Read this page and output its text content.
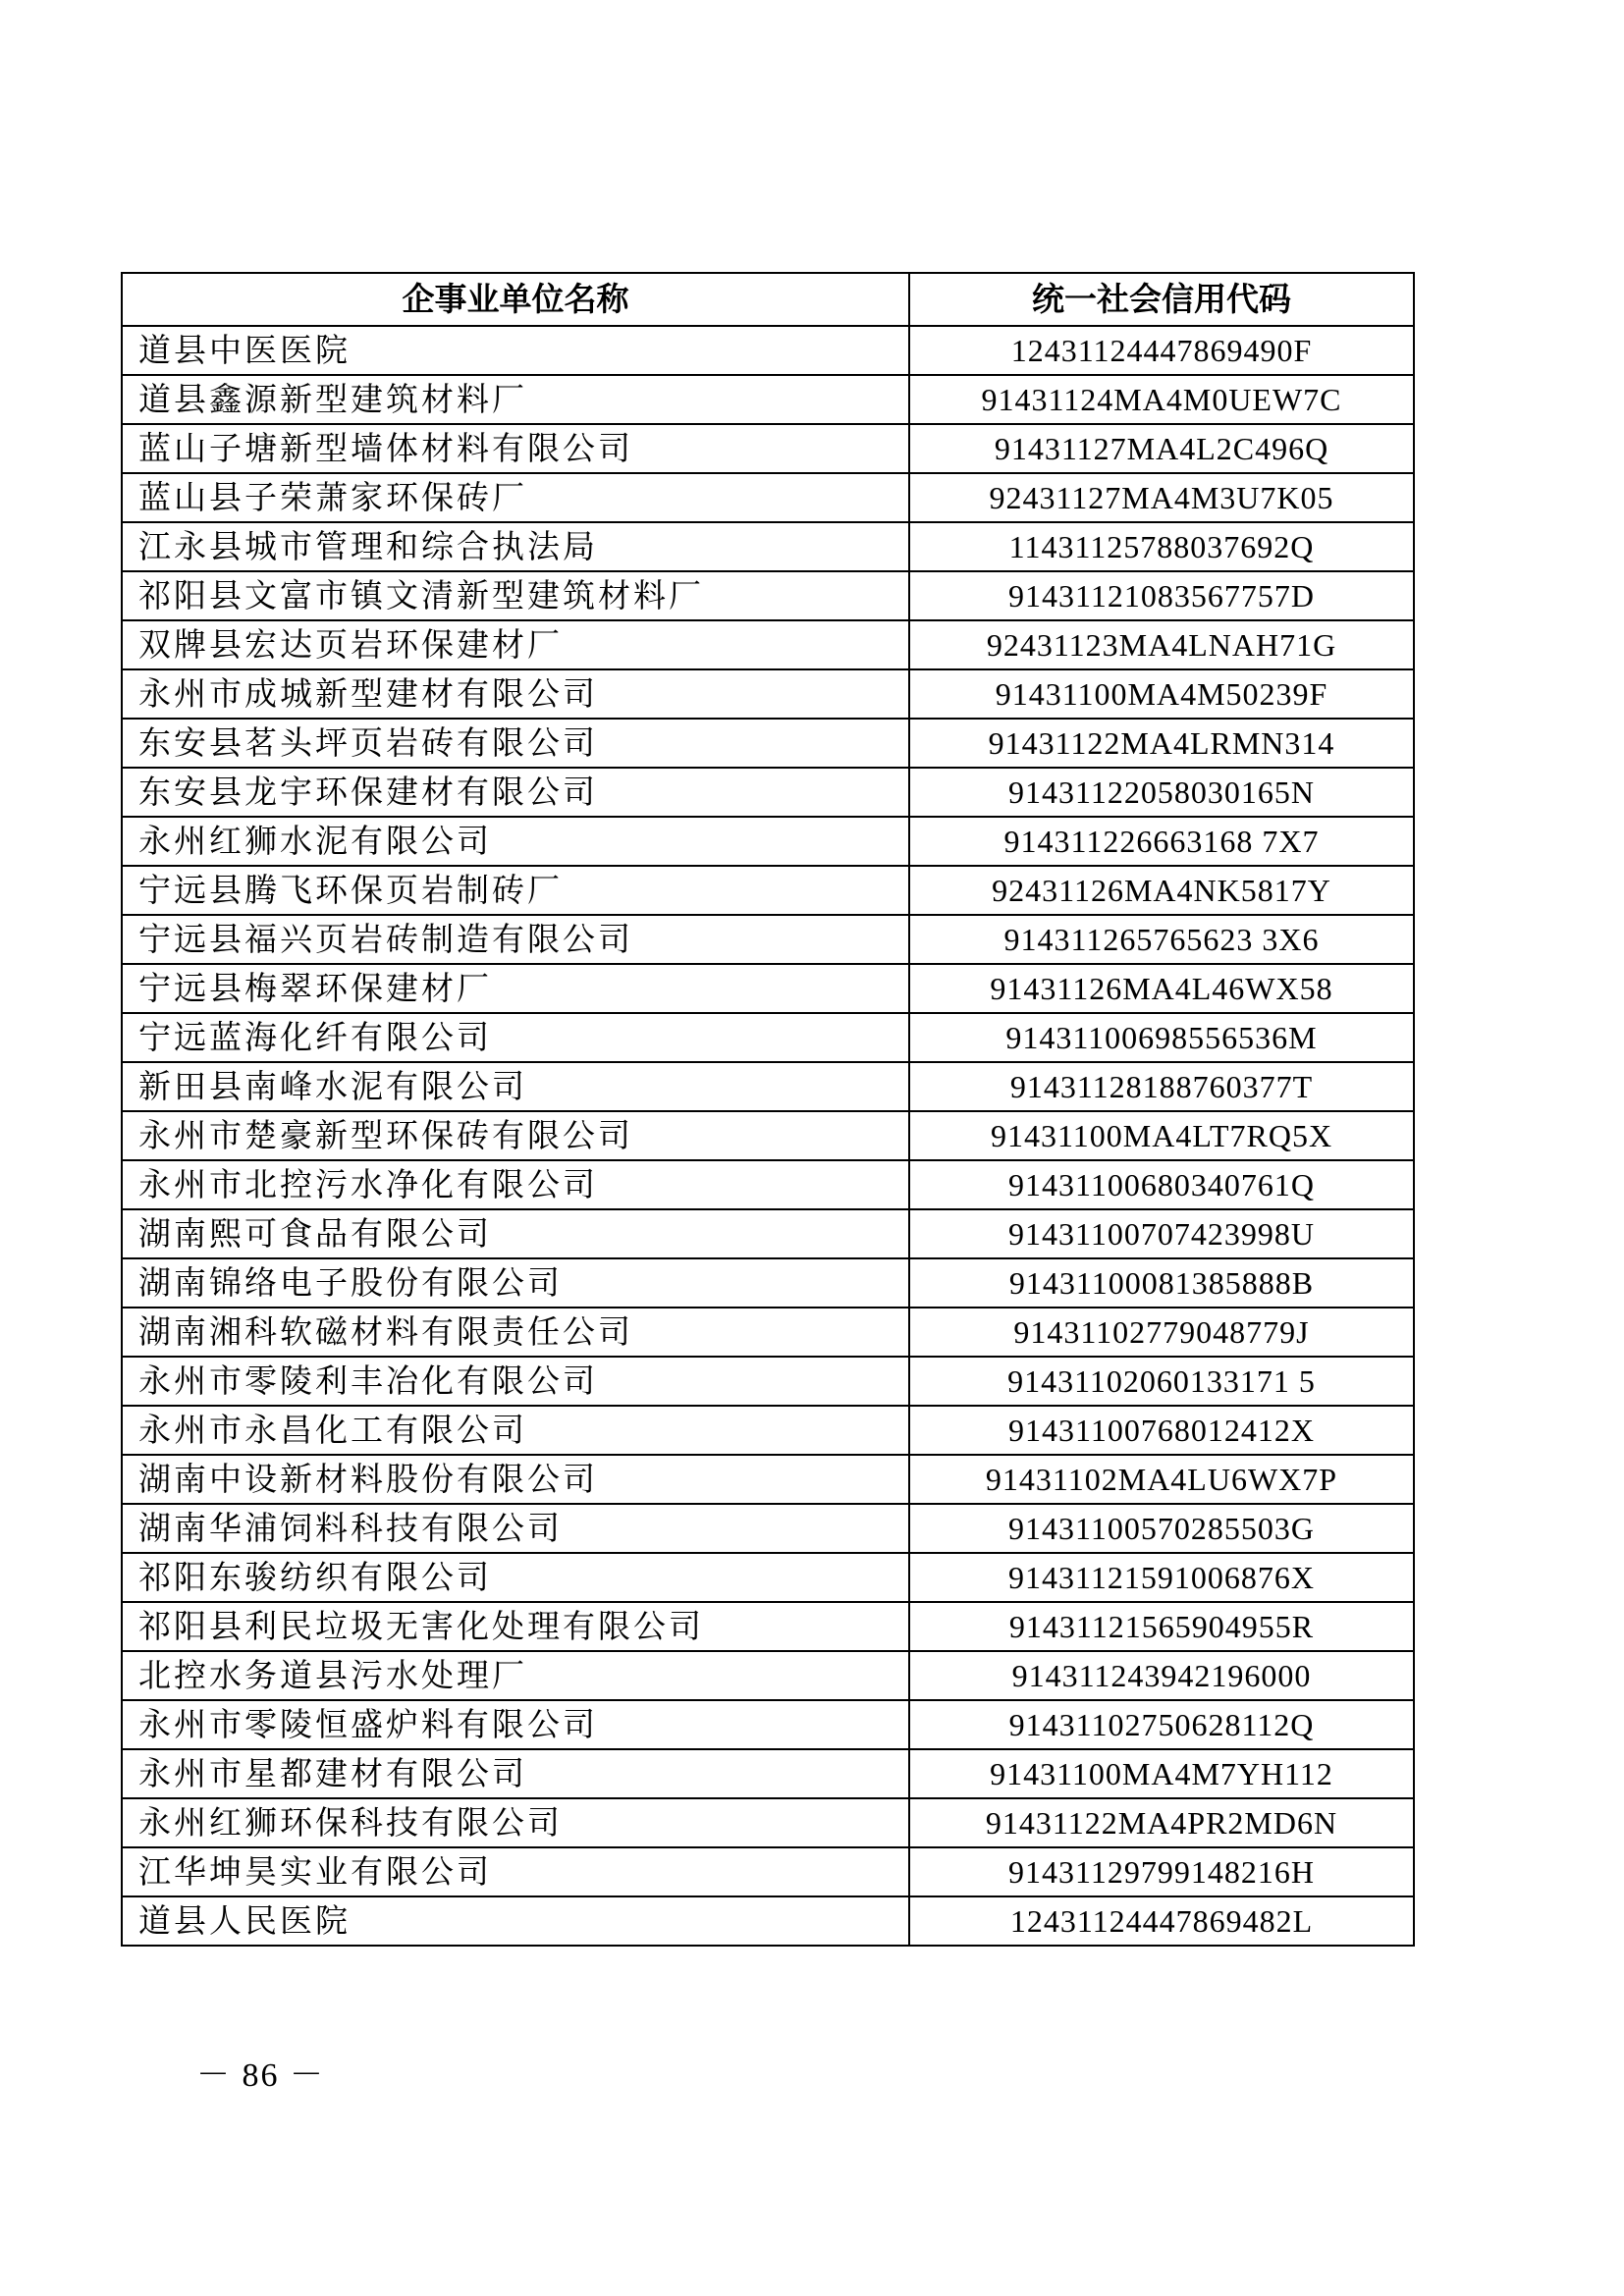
企事业单位名称	统一社会信用代码
道县中医医院	12431124447869490F
道县鑫源新型建筑材料厂	91431124MA4M0UEW7C
蓝山子塘新型墙体材料有限公司	91431127MA4L2C496Q
蓝山县子荣萧家环保砖厂	92431127MA4M3U7K05
江永县城市管理和综合执法局	11431125788037692Q
祁阳县文富市镇文清新型建筑材料厂	91431121083567757D
双牌县宏达页岩环保建材厂	92431123MA4LNAH71G
永州市成城新型建材有限公司	91431100MA4M50239F
东安县茗头坪页岩砖有限公司	91431122MA4LRMN314
东安县龙宇环保建材有限公司	91431122058030165N
永州红狮水泥有限公司	914311226663168 7X7
宁远县腾飞环保页岩制砖厂	92431126MA4NK5817Y
宁远县福兴页岩砖制造有限公司	914311265765623 3X6
宁远县梅翠环保建材厂	91431126MA4L46WX58
宁远蓝海化纤有限公司	91431100698556536M
新田县南峰水泥有限公司	91431128188760377T
永州市楚豪新型环保砖有限公司	91431100MA4LT7RQ5X
永州市北控污水净化有限公司	91431100680340761Q
湖南熙可食品有限公司	91431100707423998U
湖南锦络电子股份有限公司	91431100081385888B
湖南湘科软磁材料有限责任公司	91431102779048779J
永州市零陵利丰冶化有限公司	91431102060133171 5
永州市永昌化工有限公司	91431100768012412X
湖南中设新材料股份有限公司	91431102MA4LU6WX7P
湖南华浦饲料科技有限公司	91431100570285503G
祁阳东骏纺织有限公司	91431121591006876X
祁阳县利民垃圾无害化处理有限公司	91431121565904955R
北控水务道县污水处理厂	914311243942196000
永州市零陵恒盛炉料有限公司	91431102750628112Q
永州市星都建材有限公司	91431100MA4M7YH112
永州红狮环保科技有限公司	91431122MA4PR2MD6N
江华坤昊实业有限公司	91431129799148216H
道县人民医院	12431124447869482L
－ 86 －
